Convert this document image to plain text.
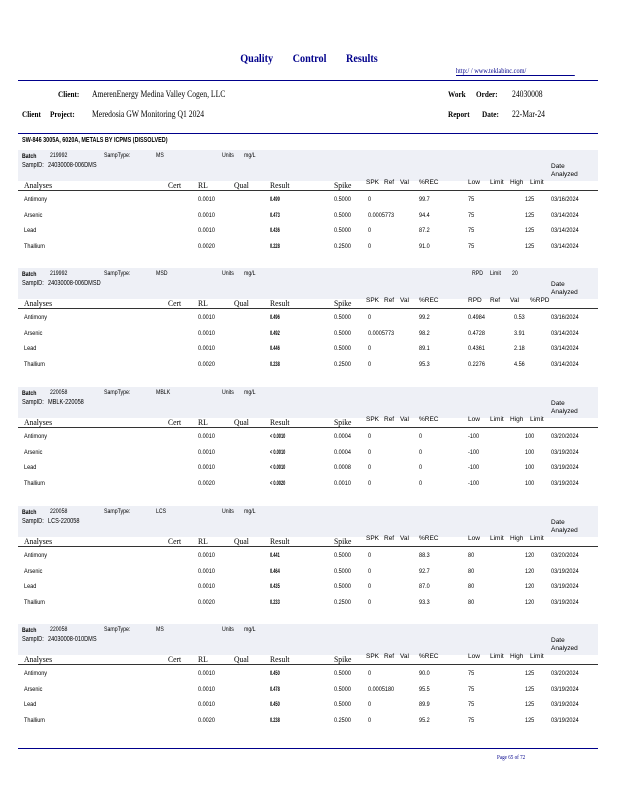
Quality Control Results
http:/ / www.teklabinc.com/
Client: AmerenEnergy Medina Valley Cogen, LLC	Work Order: 24030008
Client Project: Meredosia GW Monitoring Q1 2024	Report Date: 22-Mar-24
SW-846 3005A, 6020A, METALS BY ICPMS (DISSOLVED)
Batch 219992	SampType:	MS	Units mg/L
SampID: 24030008-006DMS	Date
Analyzed
Analyses	Cert RL	Qual Result	Spike SPK Ref Val %REC	Low Limit High Limit
Antimony	0.0010	0.499	0.5000	0	99.7	75	125	03/16/2024
Arsenic	0.0010	0.473	0.5000	0.0005773	94.4	75	125	03/14/2024
Lead	0.0010	0.436	0.5000	0	87.2	75	125	03/14/2024
Thallium	0.0020	0.228	0.2500	0	91.0	75	125	03/14/2024
Batch 219992	SampType:	MSD	Units mg/L	RPD Limit 20
SampID: 24030008-006DMSD	Date
Analyzed
Analyses	Cert RL	Qual Result	Spike SPK Ref Val %REC	RPD Ref Val %RPD
Antimony	0.0010	0.496	0.5000	0	99.2	0.4984	0.53	03/16/2024
Arsenic	0.0010	0.492	0.5000	0.0005773	98.2	0.4728	3.91	03/14/2024
Lead	0.0010	0.446	0.5000	0	89.1	0.4361	2.18	03/14/2024
Thallium	0.0020	0.238	0.2500	0	95.3	0.2276	4.56	03/14/2024
Batch 220058	SampType:	MBLK	Units mg/L
SampID: MBLK-220058	Date
Analyzed
Analyses	Cert RL	Qual Result	Spike SPK Ref Val %REC	Low Limit High Limit
Antimony	0.0010	< 0.0010	0.0004	0	0	-100	100	03/20/2024
Arsenic	0.0010	< 0.0010	0.0004	0	0	-100	100	03/19/2024
Lead	0.0010	< 0.0010	0.0008	0	0	-100	100	03/19/2024
Thallium	0.0020	< 0.0020	0.0010	0	0	-100	100	03/19/2024
Batch 220058	SampType:	LCS	Units mg/L
SampID: LCS-220058	Date
Analyzed
Analyses	Cert RL	Qual Result	Spike SPK Ref Val %REC	Low Limit High Limit
Antimony	0.0010	0.441	0.5000	0	88.3	80	120	03/20/2024
Arsenic	0.0010	0.464	0.5000	0	92.7	80	120	03/19/2024
Lead	0.0010	0.435	0.5000	0	87.0	80	120	03/19/2024
Thallium	0.0020	0.233	0.2500	0	93.3	80	120	03/19/2024
Batch 220058	SampType:	MS	Units mg/L
SampID: 24030008-010DMS	Date
Analyzed
Analyses	Cert RL	Qual Result	Spike SPK Ref Val %REC	Low Limit High Limit
Antimony	0.0010	0.450	0.5000	0	90.0	75	125	03/20/2024
Arsenic	0.0010	0.478	0.5000	0.0005180	95.5	75	125	03/19/2024
Lead	0.0010	0.450	0.5000	0	89.9	75	125	03/19/2024
Thallium	0.0020	0.238	0.2500	0	95.2	75	125	03/19/2024
Page 65 of 72
